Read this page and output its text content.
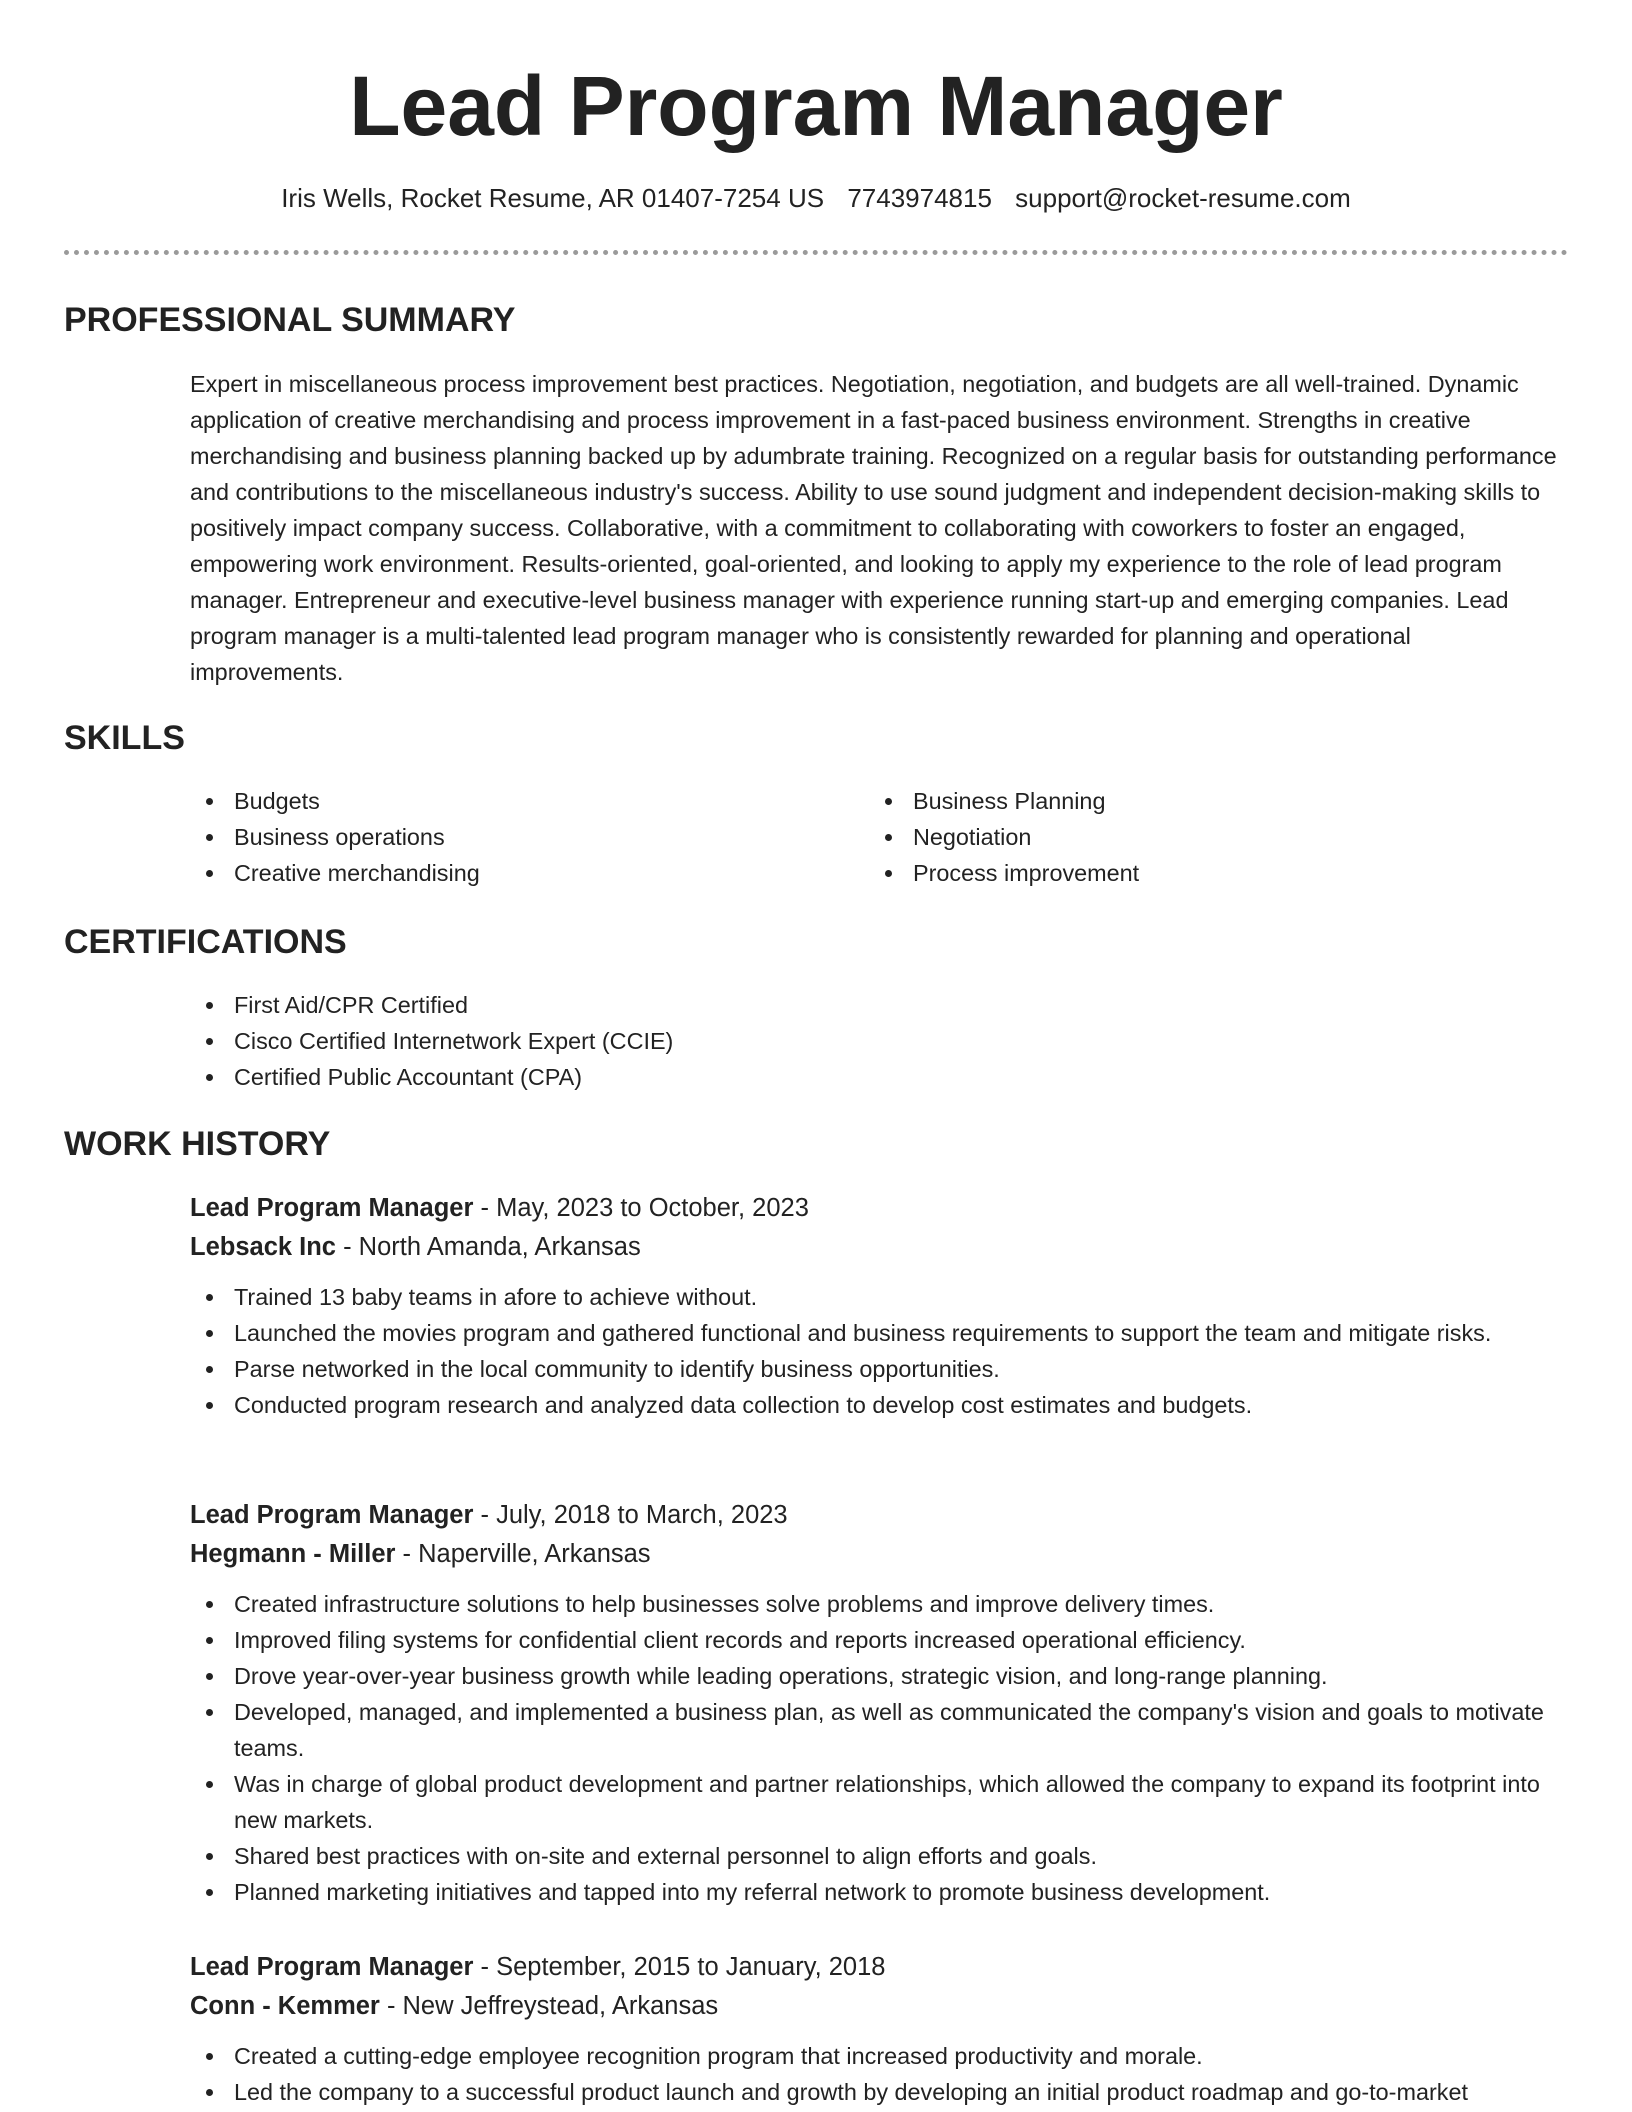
Lead Program Manager
Iris Wells, Rocket Resume, AR 01407-7254 US 7743974815 support@rocket-resume.com
PROFESSIONAL SUMMARY

Expert in miscellaneous process improvement best practices. Negotiation, negotiation, and budgets are all well-trained. Dynamic application of creative merchandising and process improvement in a fast-paced business environment. Strengths in creative merchandising and business planning backed up by adumbrate training. Recognized on a regular basis for outstanding performance and contributions to the miscellaneous industry's success. Ability to use sound judgment and independent decision-making skills to positively impact company success. Collaborative, with a commitment to collaborating with coworkers to foster an engaged, empowering work environment. Results-oriented, goal-oriented, and looking to apply my experience to the role of lead program manager. Entrepreneur and executive-level business manager with experience running start-up and emerging companies. Lead program manager is a multi-talented lead program manager who is consistently rewarded for planning and operational improvements.

SKILLS
Budgets
Business operations
Creative merchandising
Business Planning
Negotiation
Process improvement
CERTIFICATIONS
First Aid/CPR Certified
Cisco Certified Internetwork Expert (CCIE)
Certified Public Accountant (CPA)
WORK HISTORY
Lead Program Manager - May, 2023 to October, 2023
Lebsack Inc - North Amanda, Arkansas
Trained 13 baby teams in afore to achieve without.
Launched the movies program and gathered functional and business requirements to support the team and mitigate risks.
Parse networked in the local community to identify business opportunities.
Conducted program research and analyzed data collection to develop cost estimates and budgets.
Lead Program Manager - July, 2018 to March, 2023
Hegmann - Miller - Naperville, Arkansas
Created infrastructure solutions to help businesses solve problems and improve delivery times.
Improved filing systems for confidential client records and reports increased operational efficiency.
Drove year-over-year business growth while leading operations, strategic vision, and long-range planning.
Developed, managed, and implemented a business plan, as well as communicated the company's vision and goals to motivate teams.
Was in charge of global product development and partner relationships, which allowed the company to expand its footprint into new markets.
Shared best practices with on-site and external personnel to align efforts and goals.
Planned marketing initiatives and tapped into my referral network to promote business development.
Lead Program Manager - September, 2015 to January, 2018
Conn - Kemmer - New Jeffreystead, Arkansas
Created a cutting-edge employee recognition program that increased productivity and morale.
Led the company to a successful product launch and growth by developing an initial product roadmap and go-to-market
